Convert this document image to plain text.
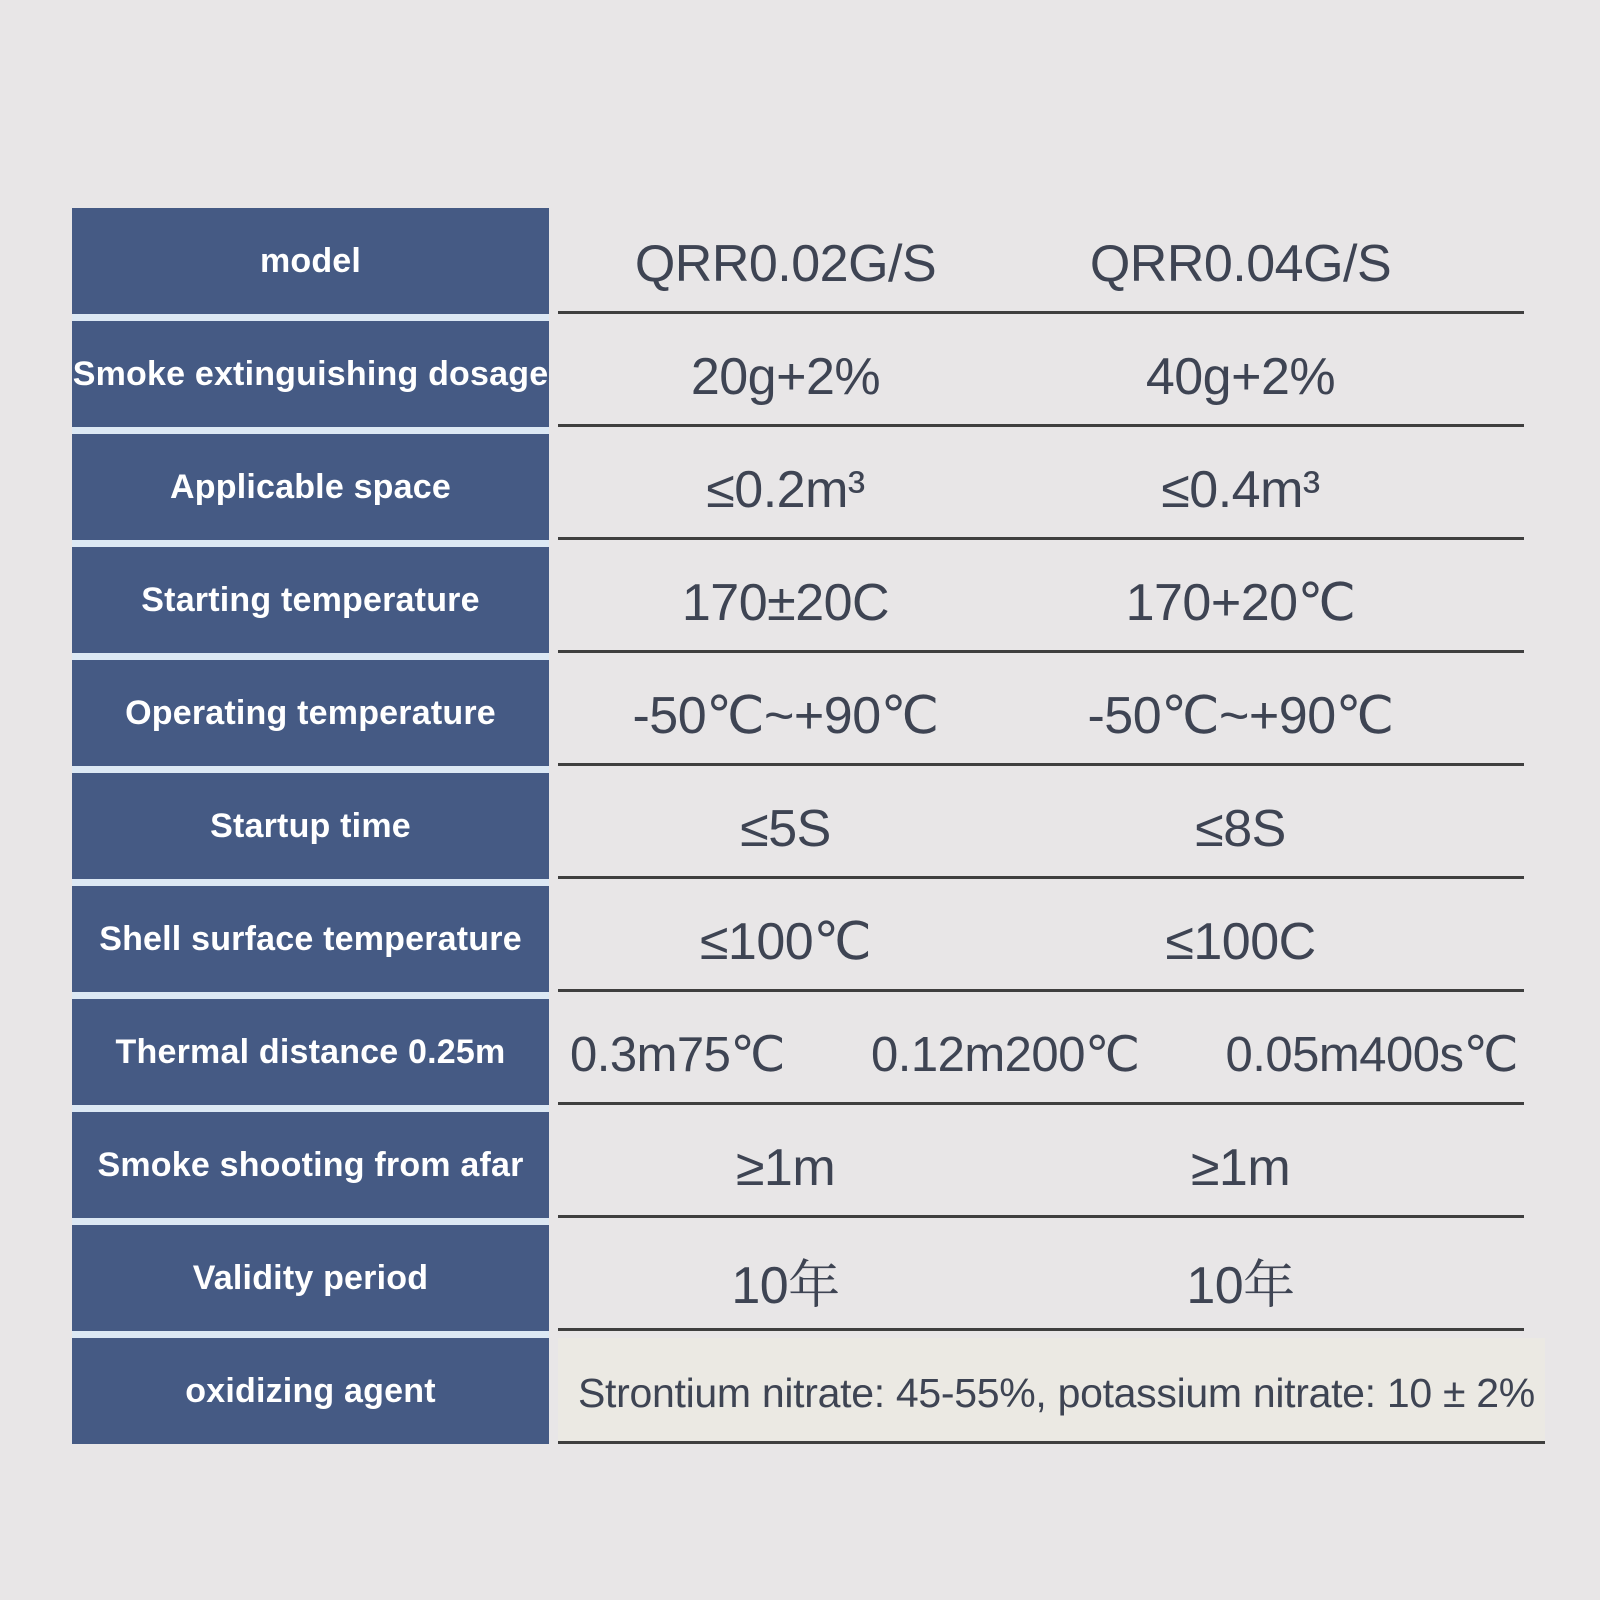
model	QRR0.02G/S	QRR0.04G/S
Smoke extinguishing dosage	20g+2%	40g+2%
Applicable space	≤0.2m³	≤0.4m³
Starting temperature	170±20C	170+20℃
Operating temperature	-50℃~+90℃	-50℃~+90℃
Startup time	≤5S	≤8S
Shell surface temperature	≤100℃	≤100C
Thermal distance 0.25m	0.3m75℃ 0.12m200℃ 0.05m400s℃
Smoke shooting from afar	≥1m	≥1m
Validity period	10年	10年
oxidizing agent	Strontium nitrate: 45-55%, potassium nitrate: 10 ± 2%
